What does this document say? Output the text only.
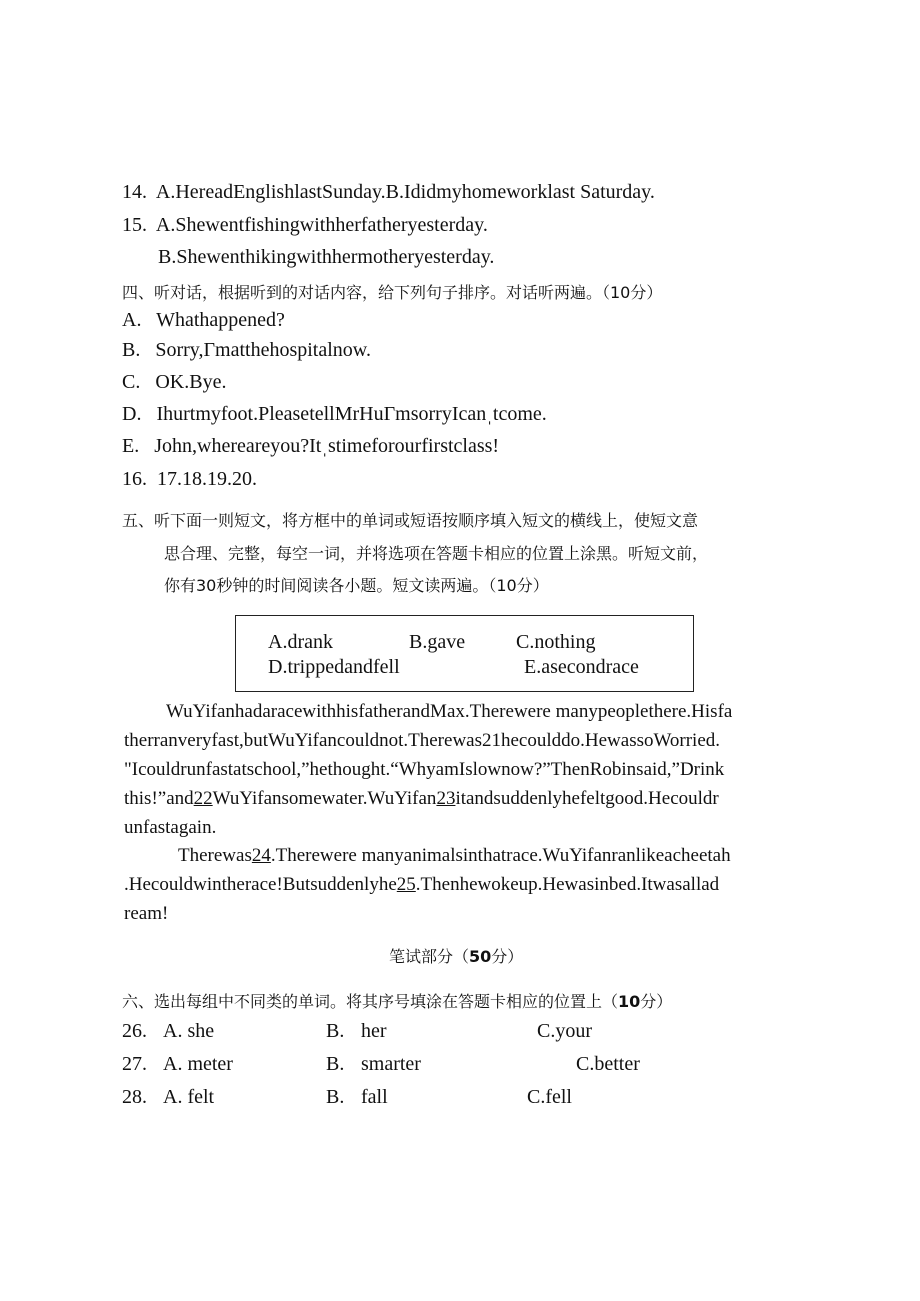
14.  A.HereadEnglishlastSunday.B.Ididmyhomeworklast Saturday.
15.  A.Shewentfishingwithherfatheryesterday.
B.Shewenthikingwithhermotheryesterday.
四、听对话，根据听到的对话内容，给下列句子排序。对话听两遍。（10分）
A.   Whathappened?
B.   Sorry,Γmatthehospitalnow.
C.   OK.Bye.
D.   Ihurtmyfoot.PleasetellMrHuΓmsorryIcanˌtcome.
E.   John,whereareyou?Itˌstimeforourfirstclass!
16.  17.18.19.20.
五、听下面一则短文，将方框中的单词或短语按顺序填入短文的横线上，使短文意
思合理、完整，每空一词，并将选项在答题卡相应的位置上涂黑。听短文前，
你有30秒钟的时间阅读各小题。短文读两遍。（10分）
A.drank	B.gave	C.nothing
D.trippedandfell	E.asecondrace
WuYifanhadaracewithhisfatherandMax.Therewere manypeoplethere.Hisfa
therranveryfast,butWuYifancouldnot.Therewas21hecoulddo.HewassoWorried.
"Icouldrunfastatschool,”hethought.“WhyamIslownow?”ThenRobinsaid,”Drink
this!”and22WuYifansomewater.WuYifan23itandsuddenlyhefeltgood.Hecouldr
unfastagain.
Therewas24.Therewere manyanimalsinthatrace.WuYifanranlikeacheetah
.Hecouldwintherace!Butsuddenlyhe25.Thenhewokeup.Hewasinbed.Itwasallad
ream!
笔试部分（50分）
六、选出每组中不同类的单词。将其序号填涂在答题卡相应的位置上（10分）
26. A. she	B. her	C.your
27. A. meter	B. smarter	C.better
28. A. felt	B. fall	C.fell
